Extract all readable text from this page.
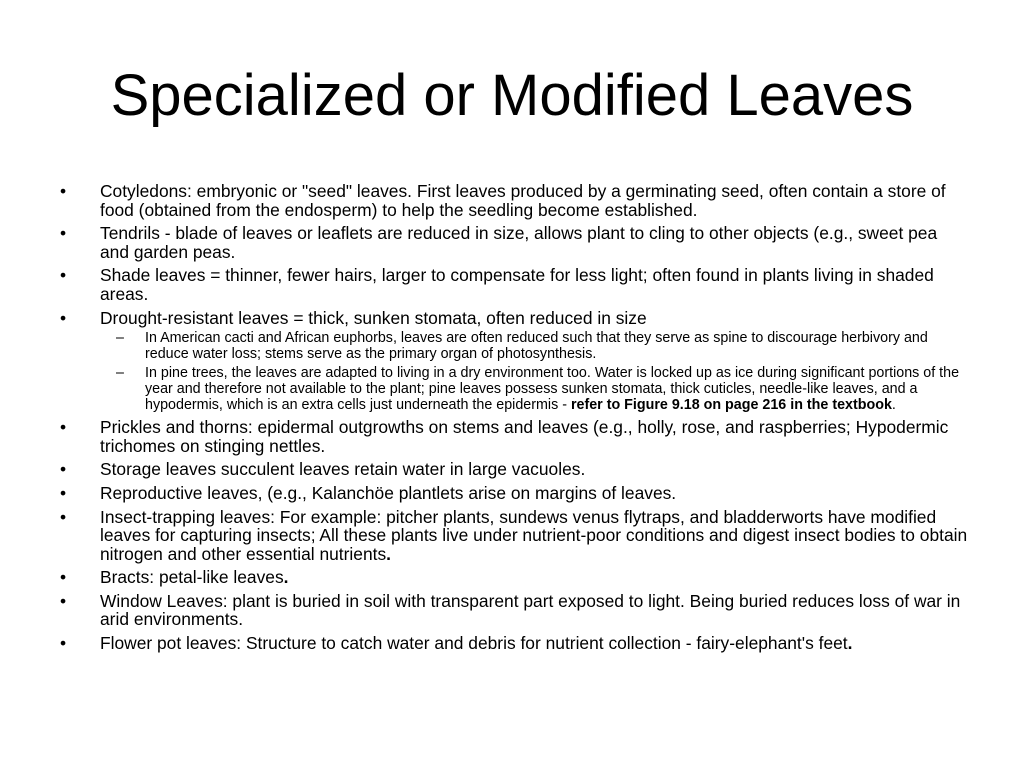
Specialized or Modified Leaves
• Cotyledons: embryonic or "seed" leaves. First leaves produced by a germinating seed, often contain a store of food (obtained from the endosperm) to help the seedling become established.
• Tendrils - blade of leaves or leaflets are reduced in size, allows plant to cling to other objects (e.g., sweet pea and garden peas.
• Shade leaves = thinner, fewer hairs, larger to compensate for less light; often found in plants living in shaded areas.
• Drought-resistant leaves = thick, sunken stomata, often reduced in size
– In American cacti and African euphorbs, leaves are often reduced such that they serve as spine to discourage herbivory and reduce water loss; stems serve as the primary organ of photosynthesis.
– In pine trees, the leaves are adapted to living in a dry environment too. Water is locked up as ice during significant portions of the year and therefore not available to the plant; pine leaves possess sunken stomata, thick cuticles, needle-like leaves, and a hypodermis, which is an extra cells just underneath the epidermis - refer to Figure 9.18 on page 216 in the textbook.
• Prickles and thorns: epidermal outgrowths on stems and leaves (e.g., holly, rose, and raspberries; Hypodermic trichomes on stinging nettles.
• Storage leaves succulent leaves retain water in large vacuoles.
• Reproductive leaves, (e.g., Kalanchöe plantlets arise on margins of leaves.
• Insect-trapping leaves: For example: pitcher plants, sundews venus flytraps, and bladderworts have modified leaves for capturing insects; All these plants live under nutrient-poor conditions and digest insect bodies to obtain nitrogen and other essential nutrients.
• Bracts: petal-like leaves.
• Window Leaves: plant is buried in soil with transparent part exposed to light. Being buried reduces loss of war in arid environments.
• Flower pot leaves: Structure to catch water and debris for nutrient collection - fairy-elephant's feet.
